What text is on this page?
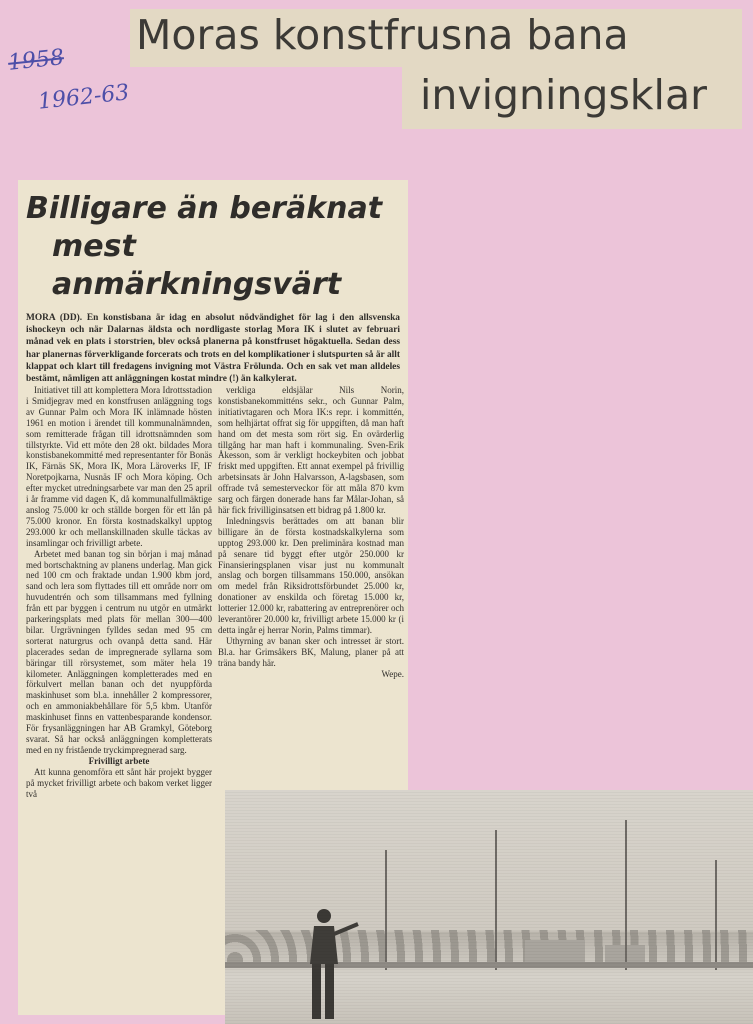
Moras konstfrusna bana
invigningsklar
1958
1962-63
Billigare än beräknat
mest anmärkningsvärt
MORA (DD). En konstisbana är idag en absolut nödvändighet för lag i den allsvenska ishockeyn och när Dalarnas äldsta och nordligaste storlag Mora IK i slutet av februari månad vek en plats i storstrien, blev också planerna på konstfruset högaktuella. Sedan dess har planernas förverkligande forcerats och trots en del komplikationer i slutspurten så är allt klappat och klart till fredagens invigning mot Västra Frölunda. Och en sak vet man alldeles bestämt, nämligen att anläggningen kostat mindre (!) än kalkylerat.

Initiativet till att komplettera Mora Idrottsstadion i Smidjegrav med en konstfrusen anläggning togs av Gunnar Palm och Mora IK inlämnade hösten 1961 en motion i ärendet till kommunalnämnden, som remitterade frågan till idrottsnämnden som tillstyrkte. Vid ett möte den 28 okt. bildades Mora konstisbanekommitté med representanter för Bonäs IK, Färnäs SK, Mora IK, Mora Läroverks IF, IF Noretpojkarna, Nusnäs IF och Mora köping. Och efter mycket utredningsarbete var man den 25 april i år framme vid dagen K, då kommunalfullmäktige anslog 75.000 kr och ställde borgen för ett lån på 75.000 kronor. En första kostnadskalkyl upptog 293.000 kr och mellanskillnaden skulle täckas av insamlingar och frivilligt arbete.

Arbetet med banan tog sin början i maj månad med bortschaktning av planens underlag. Man gick ned 100 cm och fraktade undan 1.900 kbm jord, sand och lera som flyttades till ett område norr om huvudentrén och som tillsammans med fyllning från ett par byggen i centrum nu utgör en utmärkt parkeringsplats med plats för mellan 300—400 bilar. Urgrävningen fylldes sedan med 95 cm sorterat naturgrus och ovanpå detta sand. Här placerades sedan de impregnerade syllarna som bäringar till rörsystemet, som mäter hela 19 kilometer. Anläggningen kompletterades med en förkulvert mellan banan och det nyuppförda maskinhuset som bl.a. innehåller 2 kompressorer, och en ammoniakbehållare för 5,5 kbm. Utanför maskinhuset finns en vattenbesparande kondensor. För frysanläggningen har AB Gramkyl, Göteborg svarat. Så har också anläggningen kompletterats med en ny fristående tryckimpregnerad sarg.

Frivilligt arbete

Att kunna genomföra ett sånt här projekt bygger på mycket frivilligt arbete och bakom verket ligger två

verkliga eldsjälar Nils Norin, konstisbanekommitténs sekr., och Gunnar Palm, initiativtagaren och Mora IK:s repr. i kommittén, som helhjärtat offrat sig för uppgiften, då man haft hand om det mesta som rört sig. En ovärderlig tillgång har man haft i kommunaling. Sven-Erik Åkesson, som är verkligt hockeybiten och jobbat friskt med uppgiften. Ett annat exempel på frivillig arbetsinsats är John Halvarsson, A-lagsbasen, som offrade två semesterveckor för att måla 870 kvm sarg och färgen donerade hans far Målar-Johan, så här fick frivilliginsatsen ett bidrag på 1.800 kr.

Inledningsvis berättades om att banan blir billigare än de första kostnadskalkylerna som upptog 293.000 kr. Den preliminära kostnad man på senare tid byggt efter utgör 250.000 kr Finansieringsplanen visar just nu kommunalt anslag och borgen tillsammans 150.000, ansökan om medel från Riksidrottsförbundet 25.000 kr, donationer av enskilda och företag 15.000 kr, lotterier 12.000 kr, rabattering av entreprenörer och leverantörer 20.000 kr, frivilligt arbete 15.000 kr (i detta ingår ej herrar Norin, Palms timmar).

Uthyrning av banan sker och intresset är stort. Bl.a. har Grimsåkers BK, Malung, planer på att träna bandy här.

Wepe.
